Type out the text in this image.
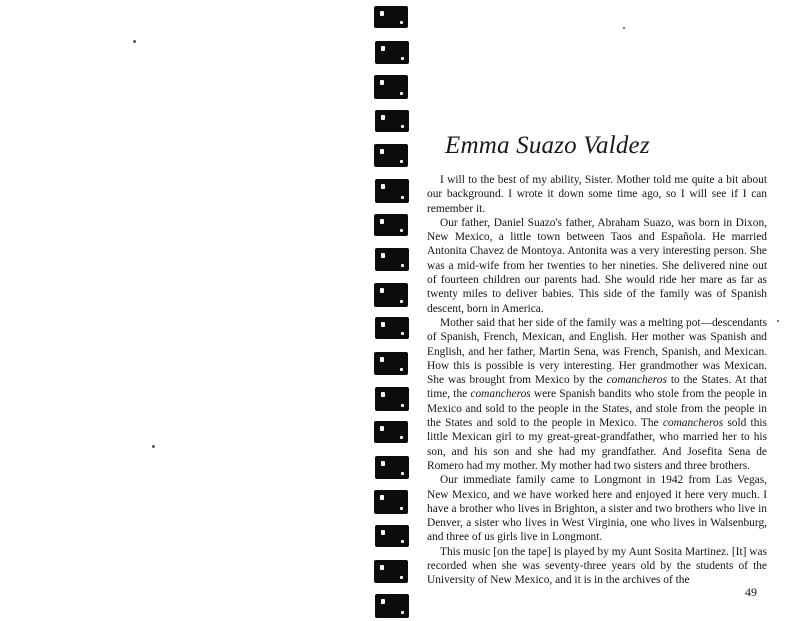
Emma Suazo Valdez

I will to the best of my ability, Sister. Mother told me quite a bit about our background. I wrote it down some time ago, so I will see if I can remember it.

Our father, Daniel Suazo's father, Abraham Suazo, was born in Dixon, New Mexico, a little town between Taos and Española. He married Antonita Chavez de Montoya. Antonita was a very interesting person. She was a mid-wife from her twenties to her nineties. She delivered nine out of fourteen children our parents had. She would ride her mare as far as twenty miles to deliver babies. This side of the family was of Spanish descent, born in America.

Mother said that her side of the family was a melting pot—descendants of Spanish, French, Mexican, and English. Her mother was Spanish and English, and her father, Martin Sena, was French, Spanish, and Mexican. How this is possible is very interesting. Her grandmother was Mexican. She was brought from Mexico by the comancheros to the States. At that time, the comancheros were Spanish bandits who stole from the people in Mexico and sold to the people in the States, and stole from the people in the States and sold to the people in Mexico. The comancheros sold this little Mexican girl to my great-great-grandfather, who married her to his son, and his son and she had my grandfather. And Josefita Sena de Romero had my mother. My mother had two sisters and three brothers.

Our immediate family came to Longmont in 1942 from Las Vegas, New Mexico, and we have worked here and enjoyed it here very much. I have a brother who lives in Brighton, a sister and two brothers who live in Denver, a sister who lives in West Virginia, one who lives in Walsenburg, and three of us girls live in Longmont.

This music [on the tape] is played by my Aunt Sosita Martinez. [It] was recorded when she was seventy-three years old by the students of the University of New Mexico, and it is in the archives of the

49
